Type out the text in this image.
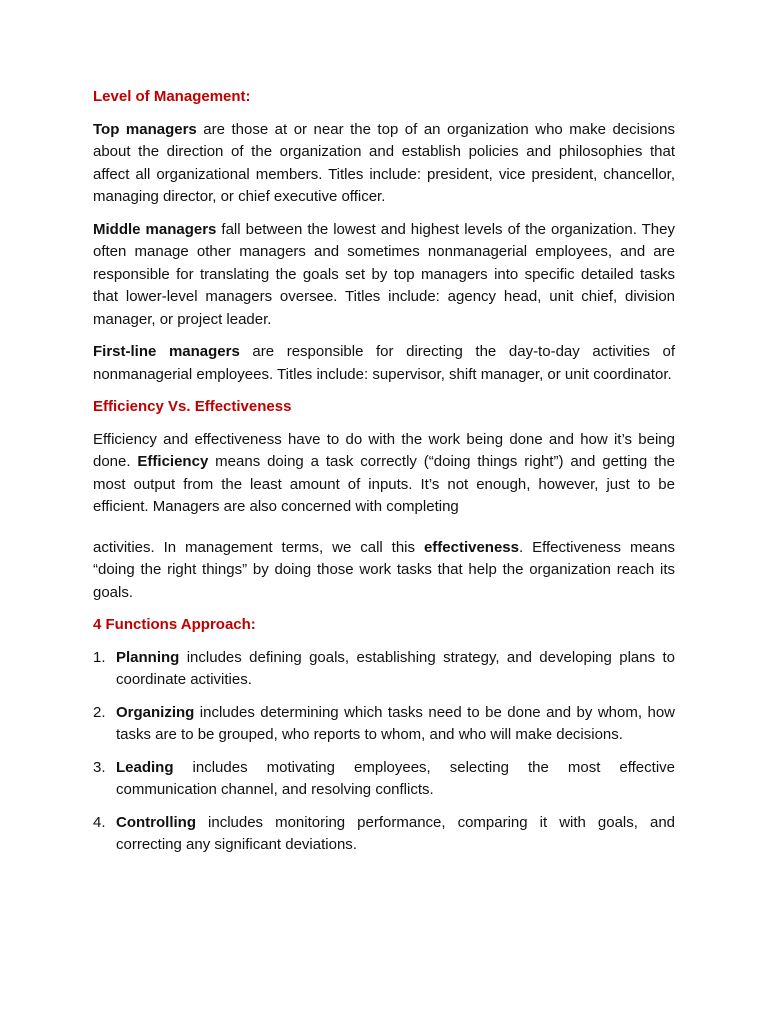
Level of Management:

Top managers are those at or near the top of an organization who make decisions about the direction of the organization and establish policies and philosophies that affect all organizational members. Titles include: president, vice president, chancellor, managing director, or chief executive officer.

Middle managers fall between the lowest and highest levels of the organization. They often manage other managers and sometimes nonmanagerial employees, and are responsible for translating the goals set by top managers into specific detailed tasks that lower-level managers oversee. Titles include: agency head, unit chief, division manager, or project leader.

First-line managers are responsible for directing the day-to-day activities of nonmanagerial employees. Titles include: supervisor, shift manager, or unit coordinator.

Efficiency Vs. Effectiveness

Efficiency and effectiveness have to do with the work being done and how it’s being done. Efficiency means doing a task correctly (“doing things right”) and getting the most output from the least amount of inputs. It’s not enough, however, just to be efficient. Managers are also concerned with completing

activities. In management terms, we call this effectiveness. Effectiveness means “doing the right things” by doing those work tasks that help the organization reach its goals.

4 Functions Approach:
1. Planning includes defining goals, establishing strategy, and developing plans to coordinate activities.
2. Organizing includes determining which tasks need to be done and by whom, how tasks are to be grouped, who reports to whom, and who will make decisions.
3. Leading includes motivating employees, selecting the most effective communication channel, and resolving conflicts.
4. Controlling includes monitoring performance, comparing it with goals, and correcting any significant deviations.
